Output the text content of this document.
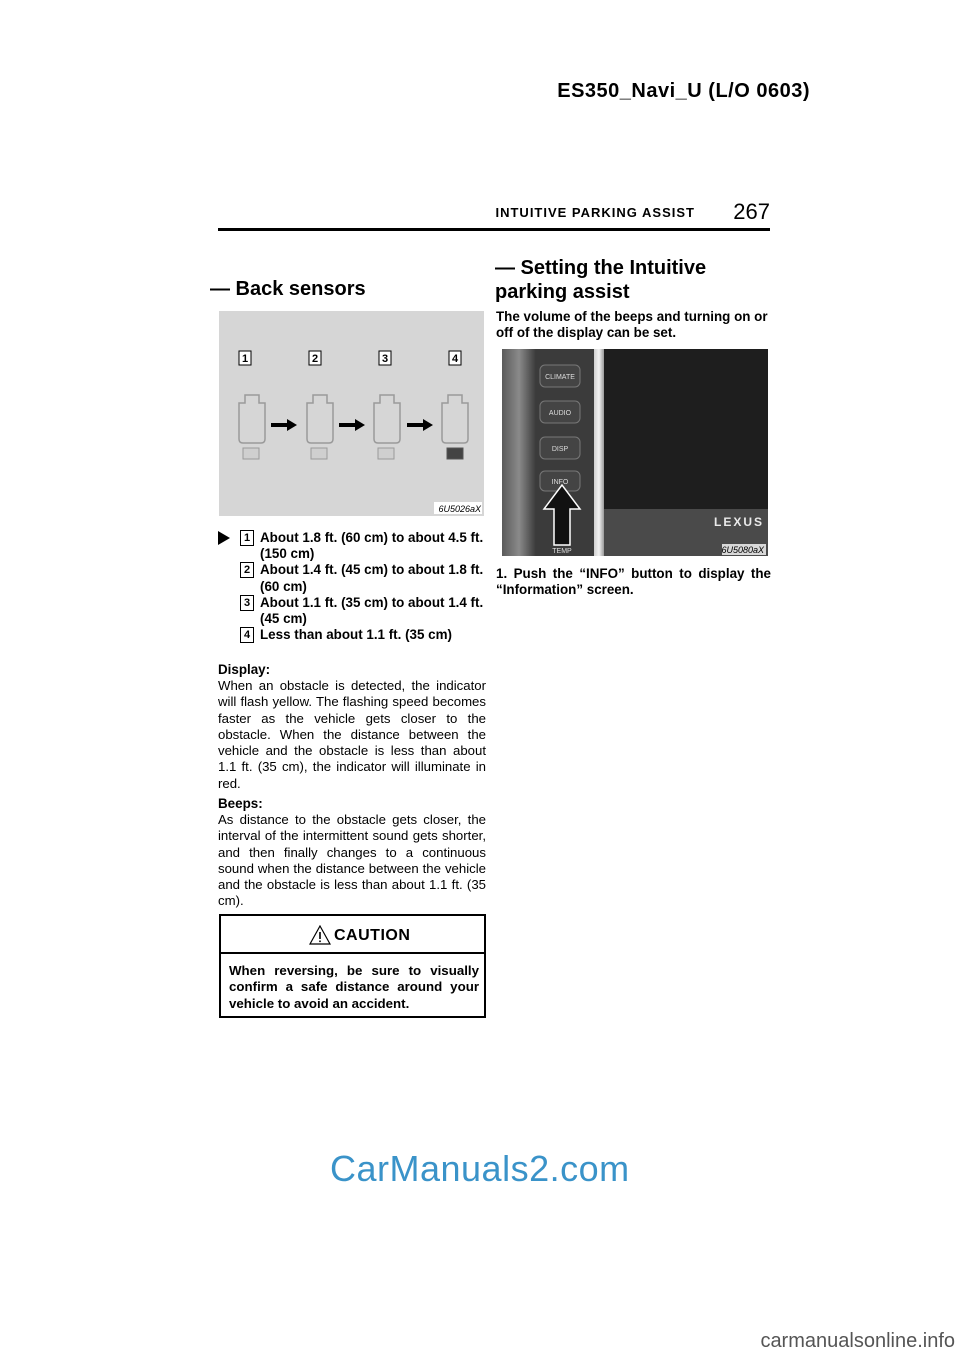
ES350_Navi_U (L/O 0603)
INTUITIVE PARKING ASSIST	267
— Back sensors
1	2	3	4
6U5026aX
1 About 1.8 ft. (60 cm) to about 4.5 ft. (150 cm)
2 About 1.4 ft. (45 cm) to about 1.8 ft. (60 cm)
3 About 1.1 ft. (35 cm) to about 1.4 ft. (45 cm)
4 Less than about 1.1 ft. (35 cm)
Display:
When an obstacle is detected, the indicator will flash yellow. The flashing speed becomes faster as the vehicle gets closer to the obstacle. When the distance between the vehicle and the obstacle is less than about 1.1 ft. (35 cm), the indicator will illuminate in red.
Beeps:
As distance to the obstacle gets closer, the interval of the intermittent sound gets shorter, and then finally changes to a continuous sound when the distance between the vehicle and the obstacle is less than about 1.1 ft. (35 cm).
CAUTION
When reversing, be sure to visually confirm a safe distance around your vehicle to avoid an accident.
— Setting the Intuitive parking assist
The volume of the beeps and turning on or off of the display can be set.
LEXUS
CLIMATE
AUDIO
DISP
INFO
TEMP	6U5080aX
1. Push the “INFO” button to display the “Information” screen.
CarManuals2.com
carmanualsonline.info
